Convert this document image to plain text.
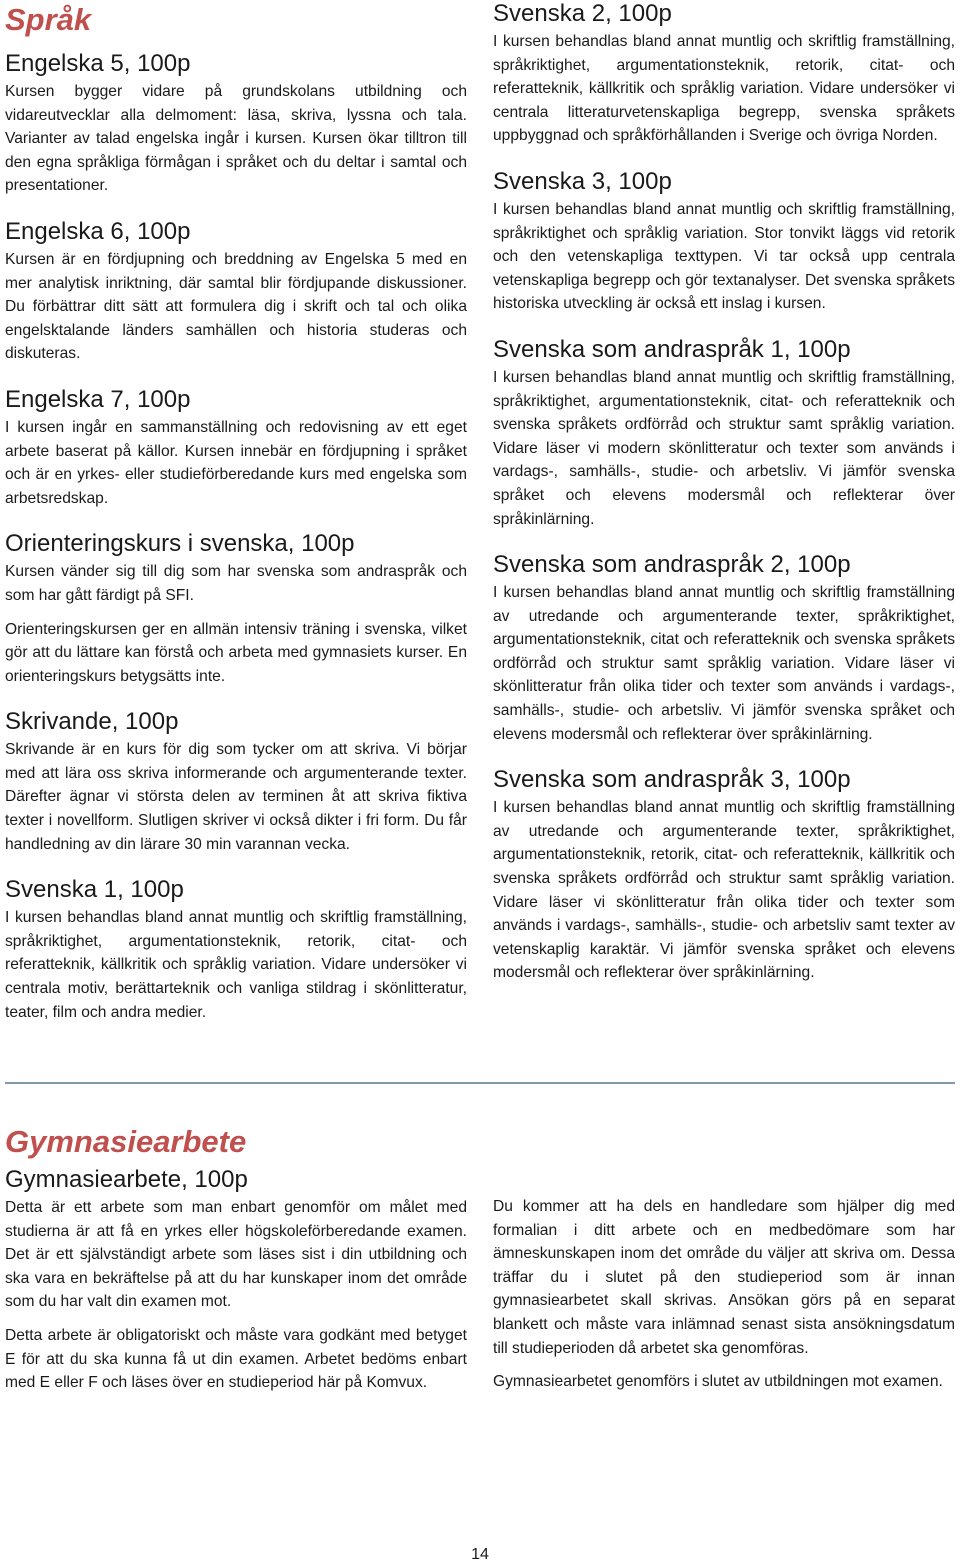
Språk
Engelska 5, 100p

Kursen bygger vidare på grundskolans utbildning och vidareutvecklar alla delmoment: läsa, skriva, lyssna och tala. Varianter av talad engelska ingår i kursen. Kursen ökar tilltron till den egna språkliga förmågan i språket och du deltar i samtal och presentationer.

Engelska 6, 100p

Kursen är en fördjupning och breddning av Engelska 5 med en mer analytisk inriktning, där samtal blir fördjupande diskussioner. Du förbättrar ditt sätt att formulera dig i skrift och tal och olika engelsktalande länders samhällen och historia studeras och diskuteras.

Engelska 7, 100p

I kursen ingår en sammanställning och redovisning av ett eget arbete baserat på källor. Kursen innebär en fördjupning i språket och är en yrkes- eller studieförberedande kurs med engelska som arbetsredskap.

Orienteringskurs i svenska, 100p

Kursen vänder sig till dig som har svenska som andraspråk och som har gått färdigt på SFI.

Orienteringskursen ger en allmän intensiv träning i svenska, vilket gör att du lättare kan förstå och arbeta med gymnasiets kurser. En orienteringskurs betygsätts inte.

Skrivande, 100p

Skrivande är en kurs för dig som tycker om att skriva. Vi börjar med att lära oss skriva informerande och argumenterande texter. Därefter ägnar vi största delen av terminen åt att skriva fiktiva texter i novellform. Slutligen skriver vi också dikter i fri form. Du får handledning av din lärare 30 min varannan vecka.

Svenska 1, 100p

I kursen behandlas bland annat muntlig och skriftlig framställning, språkriktighet, argumentationsteknik, retorik, citat- och referatteknik, källkritik och språklig variation. Vidare undersöker vi centrala motiv, berättarteknik och vanliga stildrag i skönlitteratur, teater, film och andra medier.

Svenska 2, 100p

I kursen behandlas bland annat muntlig och skriftlig framställning, språkriktighet, argumentationsteknik, retorik, citat- och referatteknik, källkritik och språklig variation. Vidare undersöker vi centrala litteraturvetenskapliga begrepp, svenska språkets uppbyggnad och språkförhållanden i Sverige och övriga Norden.

Svenska 3, 100p

I kursen behandlas bland annat muntlig och skriftlig framställning, språkriktighet och språklig variation. Stor tonvikt läggs vid retorik och den vetenskapliga texttypen. Vi tar också upp centrala vetenskapliga begrepp och gör textanalyser. Det svenska språkets historiska utveckling är också ett inslag i kursen.

Svenska som andraspråk 1, 100p

I kursen behandlas bland annat muntlig och skriftlig framställning, språkriktighet, argumentationsteknik, citat- och referatteknik och svenska språkets ordförråd och struktur samt språklig variation. Vidare läser vi modern skönlitteratur och texter som används i vardags-, samhälls-, studie- och arbetsliv. Vi jämför svenska språket och elevens modersmål och reflekterar över språkinlärning.

Svenska som andraspråk 2, 100p

I kursen behandlas bland annat muntlig och skriftlig framställning av utredande och argumenterande texter, språkriktighet, argumentationsteknik, citat och referatteknik och svenska språkets ordförråd och struktur samt språklig variation. Vidare läser vi skönlitteratur från olika tider och texter som används i vardags-, samhälls-, studie- och arbetsliv. Vi jämför svenska språket och elevens modersmål och reflekterar över språkinlärning.

Svenska som andraspråk 3, 100p

I kursen behandlas bland annat muntlig och skriftlig framställning av utredande och argumenterande texter, språkriktighet, argumentationsteknik, retorik, citat- och referatteknik, källkritik och svenska språkets ordförråd och struktur samt språklig variation. Vidare läser vi skönlitteratur från olika tider och texter som används i vardags-, samhälls-, studie- och arbetsliv samt texter av vetenskaplig karaktär. Vi jämför svenska språket och elevens modersmål och reflekterar över språkinlärning.

Gymnasiearbete
Gymnasiearbete, 100p

Detta är ett arbete som man enbart genomför om målet med studierna är att få en yrkes eller högskoleförberedande examen. Det är ett självständigt arbete som läses sist i din utbildning och ska vara en bekräftelse på att du har kunskaper inom det område som du har valt din examen mot.

Detta arbete är obligatoriskt och måste vara godkänt med betyget E för att du ska kunna få ut din examen. Arbetet bedöms enbart med E eller F och läses över en studieperiod här på Komvux.

Du kommer att ha dels en handledare som hjälper dig med formalian i ditt arbete och en medbedömare som har ämneskunskapen inom det område du väljer att skriva om. Dessa träffar du i slutet på den studieperiod som är innan gymnasiearbetet skall skrivas. Ansökan görs på en separat blankett och måste vara inlämnad senast sista ansökningsdatum till studieperioden då arbetet ska genomföras.

Gymnasiearbetet genomförs i slutet av utbildningen mot examen.

14
